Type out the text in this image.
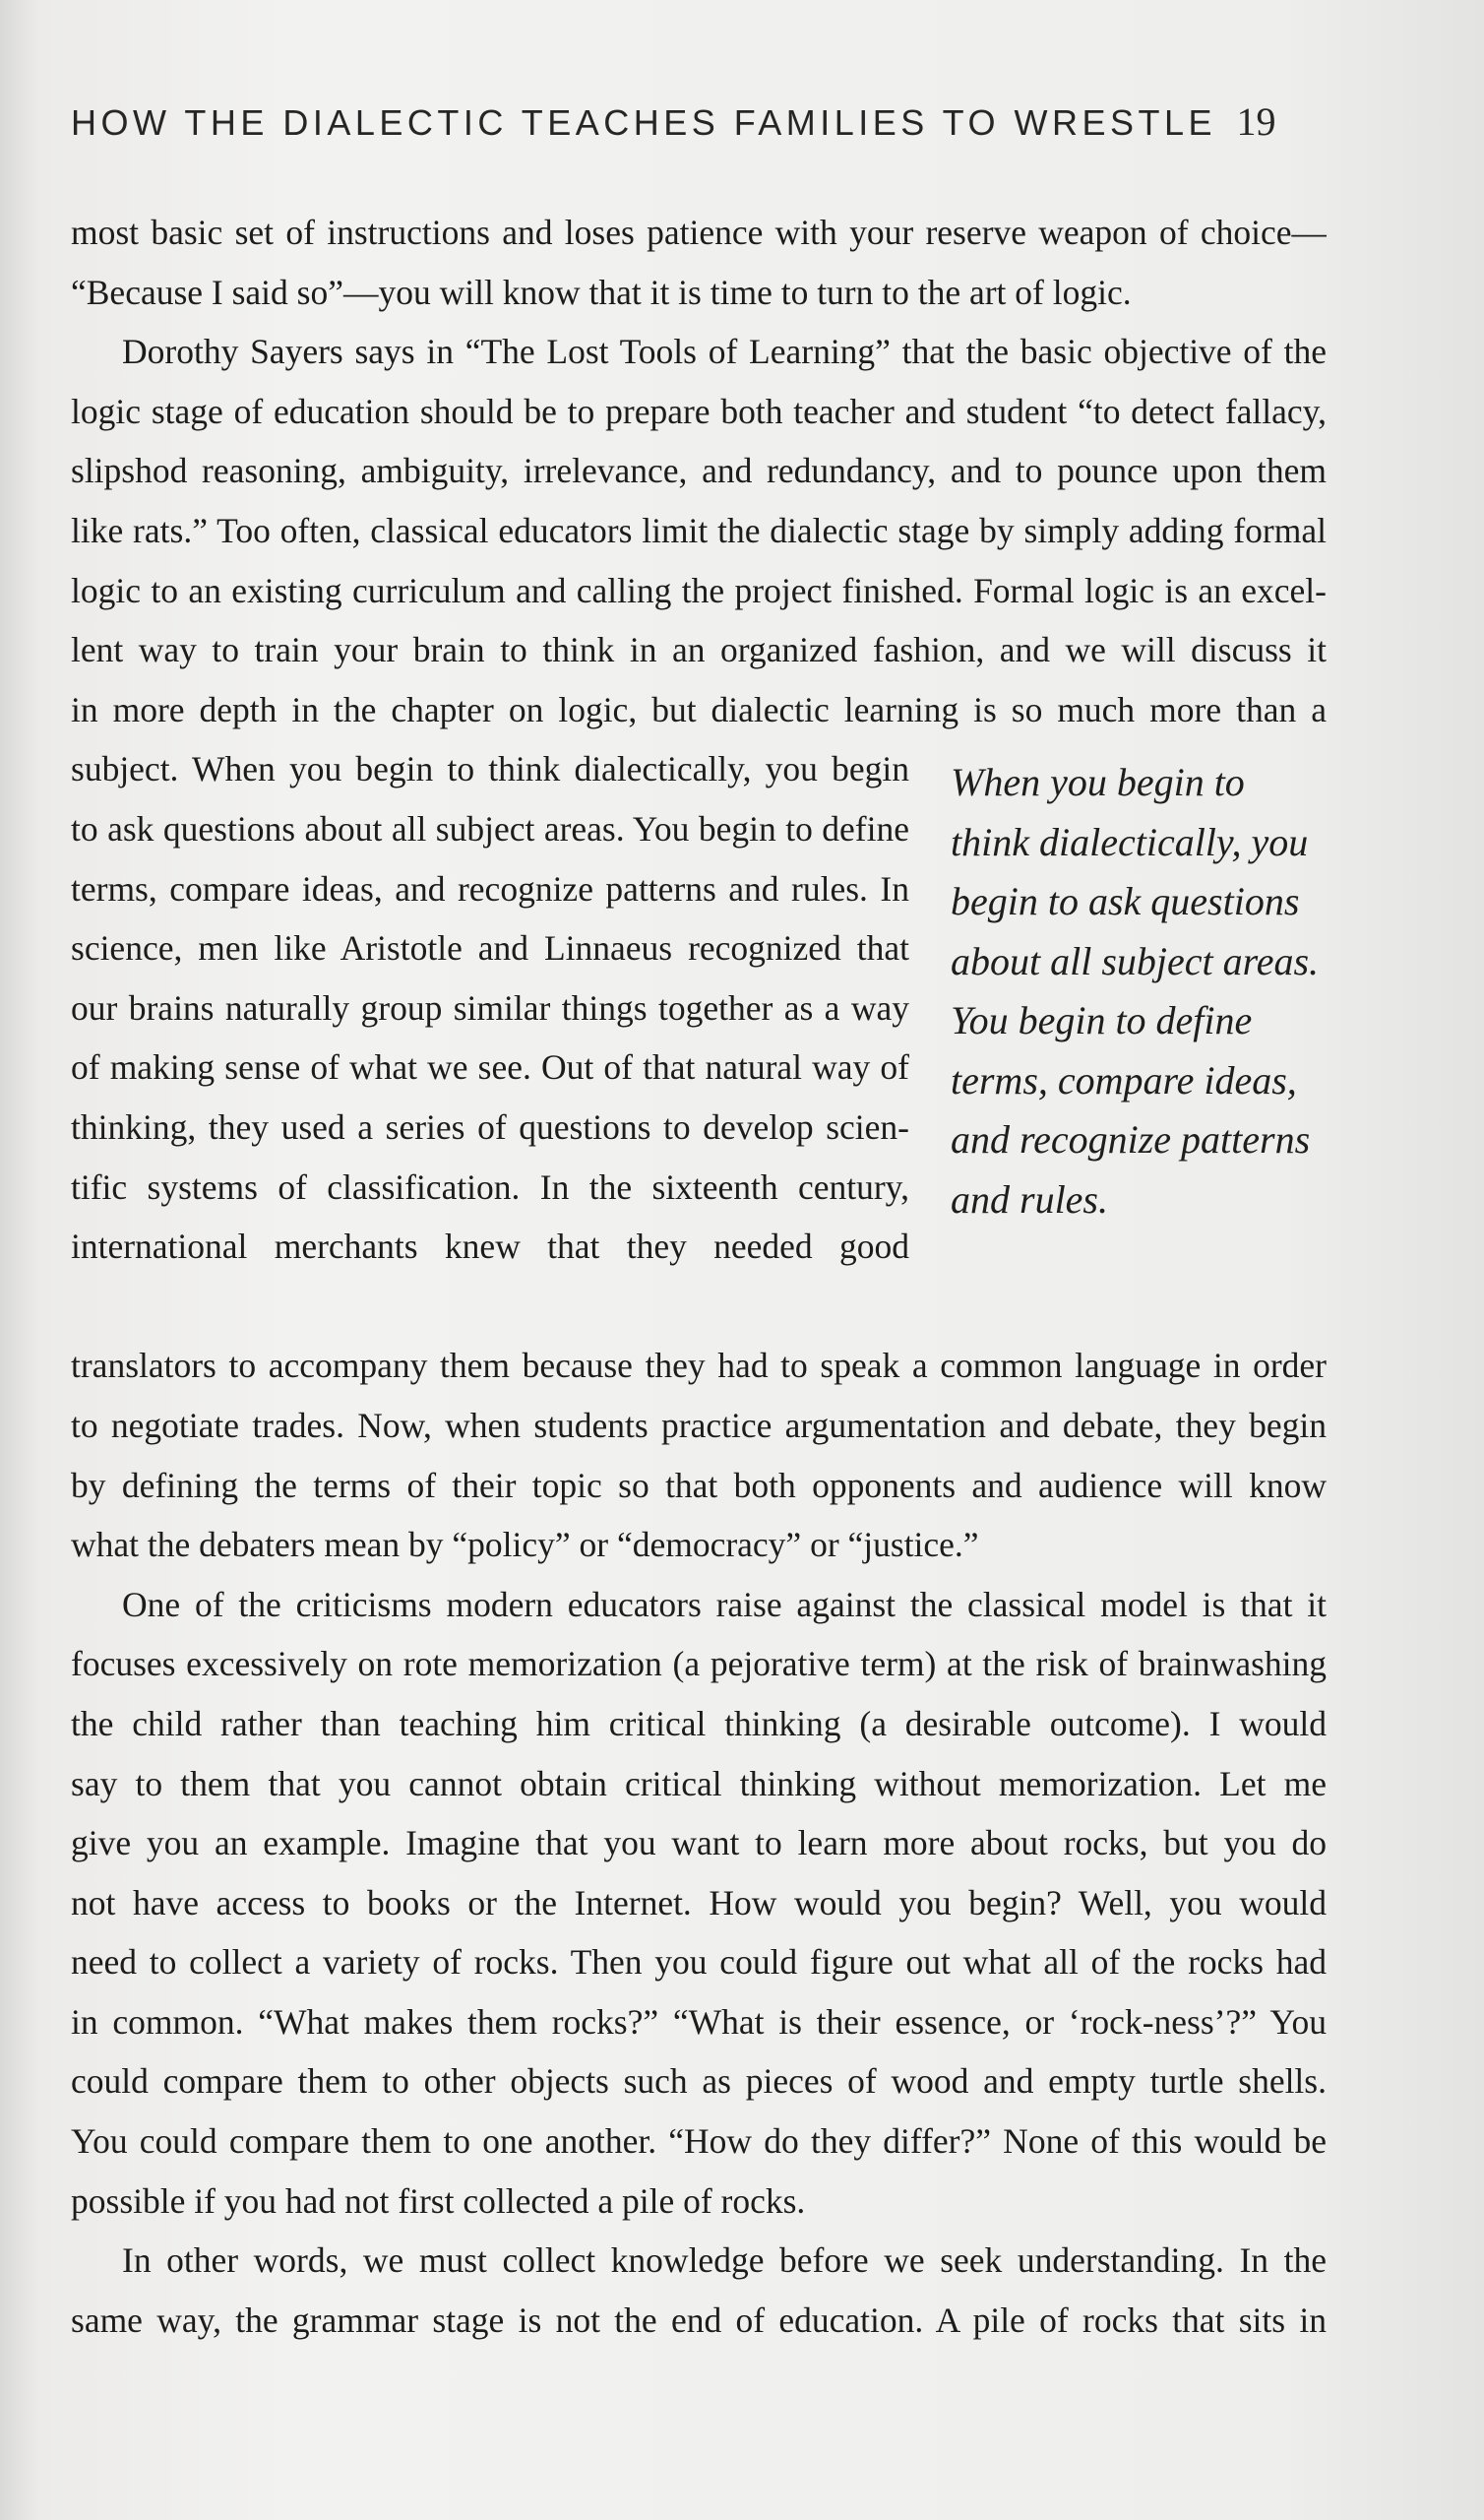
HOW THE DIALECTIC TEACHES FAMILIES TO WRESTLE 19
most basic set of instructions and loses patience with your reserve weapon of choice—
“Because I said so”—you will know that it is time to turn to the art of logic.
Dorothy Sayers says in “The Lost Tools of Learning” that the basic objective of the
logic stage of education should be to prepare both teacher and student “to detect fallacy,
slipshod reasoning, ambiguity, irrelevance, and redundancy, and to pounce upon them
like rats.” Too often, classical educators limit the dialectic stage by simply adding formal
logic to an existing curriculum and calling the project finished. Formal logic is an excel-
lent way to train your brain to think in an organized fashion, and we will discuss it
in more depth in the chapter on logic, but dialectic learning is so much more than a
subject. When you begin to think dialectically, you begin
to ask questions about all subject areas. You begin to define
terms, compare ideas, and recognize patterns and rules. In
science, men like Aristotle and Linnaeus recognized that
our brains naturally group similar things together as a way
of making sense of what we see. Out of that natural way of
thinking, they used a series of questions to develop scien-
tific systems of classification. In the sixteenth century,
international merchants knew that they needed good
When you begin to
think dialectically, you
begin to ask questions
about all subject areas.
You begin to define
terms, compare ideas,
and recognize patterns
and rules.
translators to accompany them because they had to speak a common language in order
to negotiate trades. Now, when students practice argumentation and debate, they begin
by defining the terms of their topic so that both opponents and audience will know
what the debaters mean by “policy” or “democracy” or “justice.”
One of the criticisms modern educators raise against the classical model is that it
focuses excessively on rote memorization (a pejorative term) at the risk of brainwashing
the child rather than teaching him critical thinking (a desirable outcome). I would
say to them that you cannot obtain critical thinking without memorization. Let me
give you an example. Imagine that you want to learn more about rocks, but you do
not have access to books or the Internet. How would you begin? Well, you would
need to collect a variety of rocks. Then you could figure out what all of the rocks had
in common. “What makes them rocks?” “What is their essence, or ‘rock-ness’?” You
could compare them to other objects such as pieces of wood and empty turtle shells.
You could compare them to one another. “How do they differ?” None of this would be
possible if you had not first collected a pile of rocks.
In other words, we must collect knowledge before we seek understanding. In the
same way, the grammar stage is not the end of education. A pile of rocks that sits in
